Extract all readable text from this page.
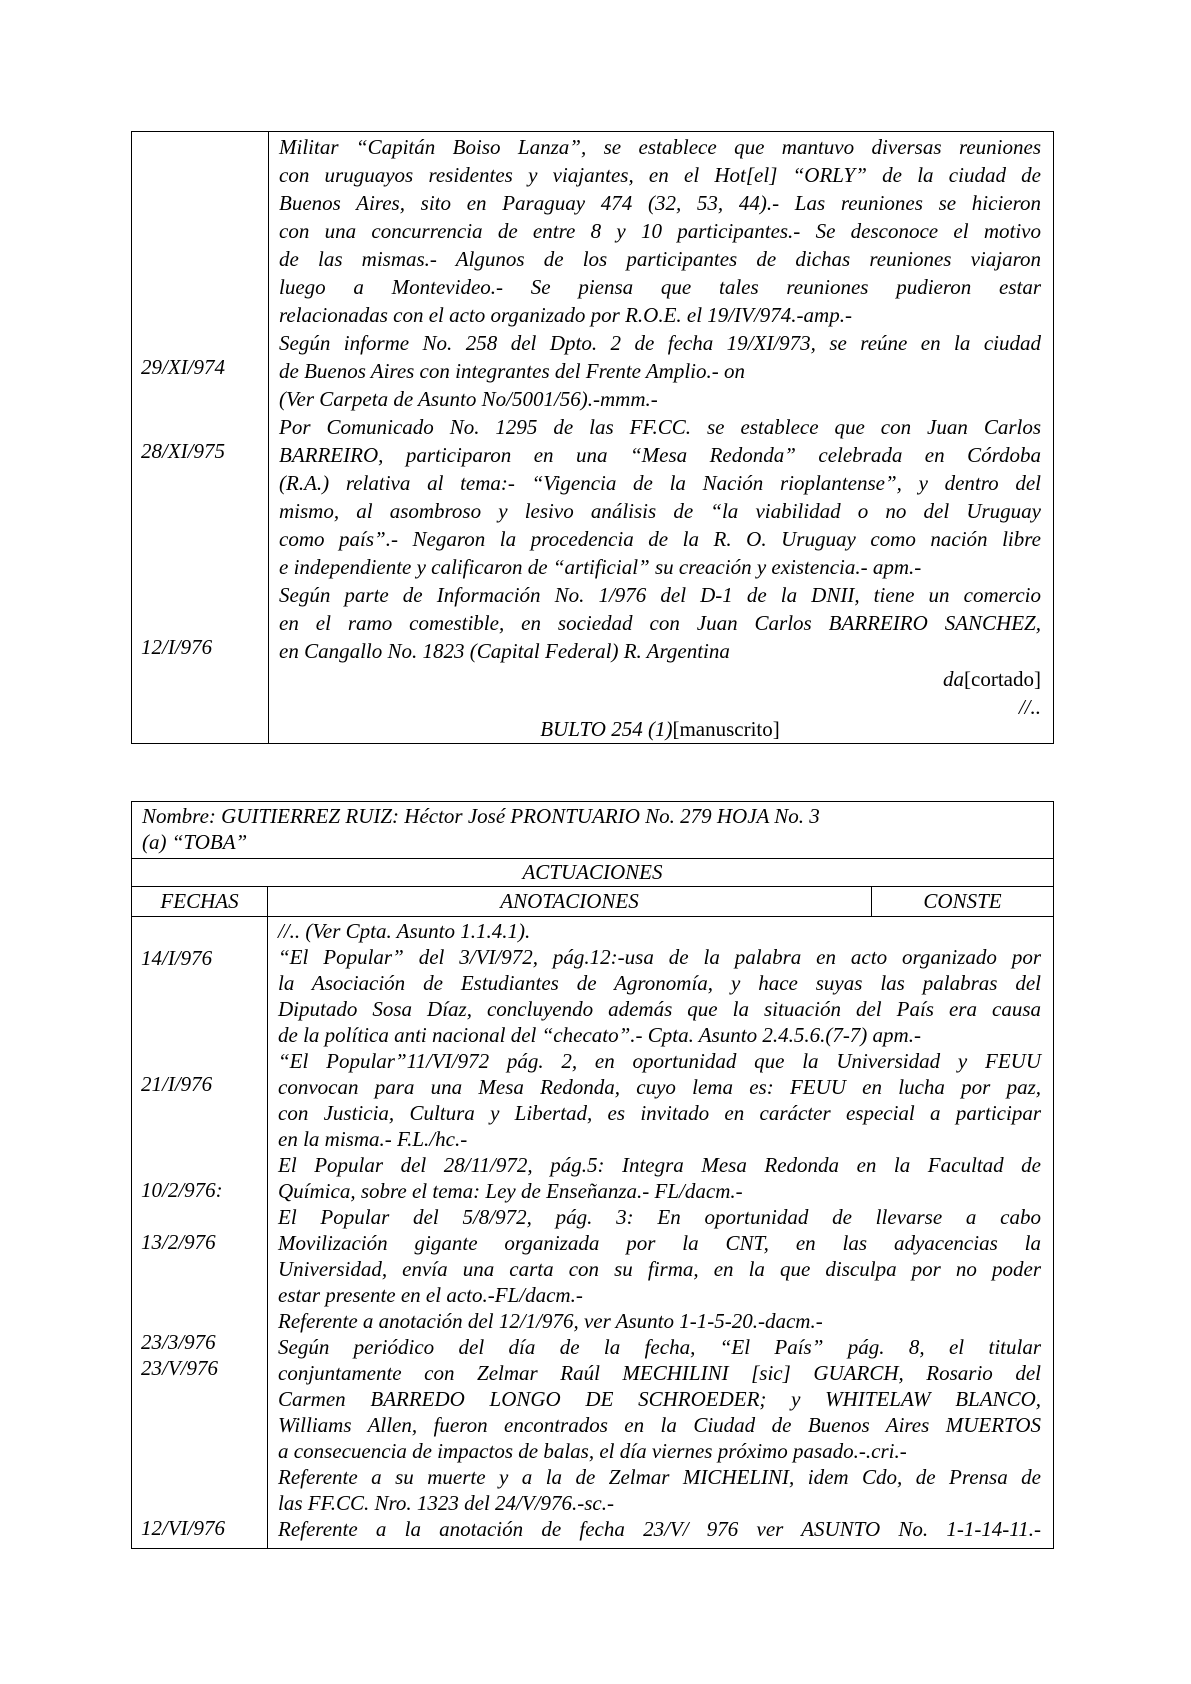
29/XI/974
28/XI/975
12/I/976
Militar “Capitán Boiso Lanza”, se establece que mantuvo diversas reuniones
con uruguayos residentes y viajantes, en el Hot[el] “ORLY” de la ciudad de
Buenos Aires, sito en Paraguay 474 (32, 53, 44).- Las reuniones se hicieron
con una concurrencia de entre 8 y 10 participantes.- Se desconoce el motivo
de las mismas.- Algunos de los participantes de dichas reuniones viajaron
luego a Montevideo.- Se piensa que tales reuniones pudieron estar
relacionadas con el acto organizado por R.O.E. el 19/IV/974.-amp.-
Según informe No. 258 del Dpto. 2 de fecha 19/XI/973, se reúne en la ciudad
de Buenos Aires con integrantes del Frente Amplio.- on
(Ver Carpeta de Asunto No/5001/56).-mmm.-
Por Comunicado No. 1295 de las FF.CC. se establece que con Juan Carlos
BARREIRO, participaron en una “Mesa Redonda” celebrada en Córdoba
(R.A.) relativa al tema:- “Vigencia de la Nación rioplantense”, y dentro del
mismo, al asombroso y lesivo análisis de “la viabilidad o no del Uruguay
como país”.- Negaron la procedencia de la R. O. Uruguay como nación libre
e independiente y calificaron de “artificial” su creación y existencia.- apm.-
Según parte de Información No. 1/976 del D-1 de la DNII, tiene un comercio
en el ramo comestible, en sociedad con Juan Carlos BARREIRO SANCHEZ,
en Cangallo No. 1823 (Capital Federal) R. Argentina
da[cortado]
//..
BULTO 254 (1)[manuscrito]
Nombre: GUITIERREZ RUIZ: Héctor José PRONTUARIO No. 279 HOJA No. 3
(a) “TOBA”
ACTUACIONES
FECHAS	ANOTACIONES	CONSTE
14/I/976
21/I/976
10/2/976:
13/2/976
23/3/976
23/V/976
12/VI/976
//.. (Ver Cpta. Asunto 1.1.4.1).
“El Popular” del 3/VI/972, pág.12:-usa de la palabra en acto organizado por
la Asociación de Estudiantes de Agronomía, y hace suyas las palabras del
Diputado Sosa Díaz, concluyendo además que la situación del País era causa
de la política anti nacional del “checato”.- Cpta. Asunto 2.4.5.6.(7-7) apm.-
“El Popular”11/VI/972 pág. 2, en oportunidad que la Universidad y FEUU
convocan para una Mesa Redonda, cuyo lema es: FEUU en lucha por paz,
con Justicia, Cultura y Libertad, es invitado en carácter especial a participar
en la misma.- F.L./hc.-
El Popular del 28/11/972, pág.5: Integra Mesa Redonda en la Facultad de
Química, sobre el tema: Ley de Enseñanza.- FL/dacm.-
El Popular del 5/8/972, pág. 3: En oportunidad de llevarse a cabo
Movilización gigante organizada por la CNT, en las adyacencias la
Universidad, envía una carta con su firma, en la que disculpa por no poder
estar presente en el acto.-FL/dacm.-
Referente a anotación del 12/1/976, ver Asunto 1-1-5-20.-dacm.-
Según periódico del día de la fecha, “El País” pág. 8, el titular
conjuntamente con Zelmar Raúl MECHILINI [sic] GUARCH, Rosario del
Carmen BARREDO LONGO DE SCHROEDER; y WHITELAW BLANCO,
Williams Allen, fueron encontrados en la Ciudad de Buenos Aires MUERTOS
a consecuencia de impactos de balas, el día viernes próximo pasado.-.cri.-
Referente a su muerte y a la de Zelmar MICHELINI, idem Cdo, de Prensa de
las FF.CC. Nro. 1323 del 24/V/976.-sc.-
Referente a la anotación de fecha 23/V/ 976 ver ASUNTO No. 1-1-14-11.-
